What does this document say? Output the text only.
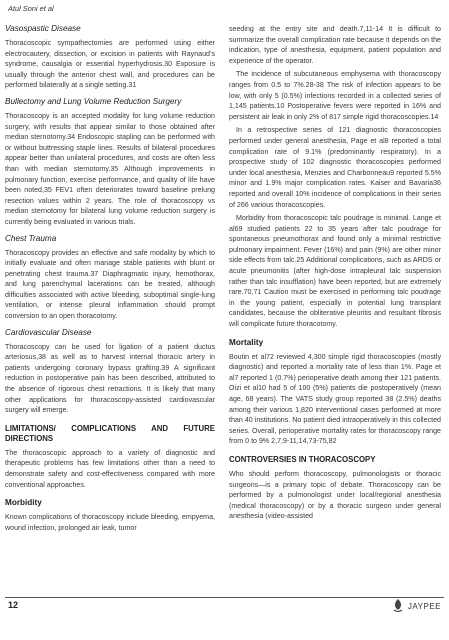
Atul Soni et al
Vasospastic Disease

Thoracoscopic sympathectomies are performed using either electrocautery, dissection, or excision in patients with Raynaud’s syndrome, causalgia or essential hyperhydrosis.30 Exposure is usually through the anterior chest wall, and procedures can be performed bilaterally at a single setting.31

Bullectomy and Lung Volume Reduction Surgery

Thoracoscopy is an accepted modality for lung volume reduction surgery, with results that appear similar to those obtained after median sternotomy.34 Endoscopic stapling can be performed with or without buttressing staple lines. Results of bilateral procedures appear better than unilateral procedures, and costs are often less than with median sternotomy.35 Although improvements in pulmonary function, exercise performance, and quality of life have been noted,35 FEV1 often deteriorates toward baseline prelung resection values within 2 years. The role of thoracoscopy vs median sternotomy for bilateral lung volume reduction surgery is currently being evaluated in various trials.

Chest Trauma

Thoracoscopy provides an effective and safe modality by which to initially evaluate and often manage stable patients with blunt or penetrating chest trauma.37 Diaphragmatic injury, hemothorax, and lung parenchymal lacerations can be treated, although difficulties associated with active bleeding, suboptimal single-lung ventilation, or intense pleural inflammation should prompt conversion to an open thoracotomy.

Cardiovascular Disease

Thoracoscopy can be used for ligation of a patient ductus arteriosus,38 as well as to harvest internal thoracic artery in patients undergoing coronary bypass grafting.39 A significant reduction in postoperative pain has been described, attributed to the absence of rigorous chest retractions. It is likely that many other applications for thoracoscopy-assisted cardiovascular surgery will emerge.

LIMITATIONS/ COMPLICATIONS AND FUTURE DIRECTIONS

The thoracoscopic approach to a variety of diagnostic and therapeutic problems has few limitations other than a need to demonstrate safety and cost-effectiveness compared with more conventional approaches.

Morbidity

Known complications of thoracoscopy include bleeding, empyema, wound infection, prolonged air leak, tumor

seeding at the entry site and death.7,11-14 It is difficult to summarize the overall complication rate because it depends on the indication, type of anesthesia, equipment, patient population and experience of the operator.

The incidence of subcutaneous emphysema with thoracoscopy ranges from 0.5 to 7%.28-38 The risk of infection appears to be low, with only 5 (0.5%) infections recorded in a collected series of 1,145 patients.10 Postoperative fevers were reported in 16% and persistent air leak in only 2% of 817 simple rigid thoracoscopies.14

In a retrospective series of 121 diagnostic thoracoscopies performed under general anesthesia, Page et al8 reported a total complication rate of 9.1% (predominantly respiratory). In a prospective study of 102 diagnostic thoracoscopies performed under local anesthesia, Menzies and Charbonneau9 reported 5.5% minor and 1.9% major complication rates. Kaiser and Bavaria36 reported and overall 10% incidence of complications in their series of 266 various thoracoscopies.

Morbidity from thoracoscopic talc poudrage is minimal. Lange et al69 studied patients 22 to 35 years after talc poudrage for spontaneous pneumothorax and found only a minimal restrictive pulmonary impairment. Fever (16%) and pain (9%) are other minor side effects from talc.25 Additional complications, such as ARDS or acute pneumonitis (after high-dose intrapleural talc suspension rather than talc insufflation) have been reported, but are extremely rare.70,71 Caution must be exercised in performing talc poudrage in the young patient, especially in potential lung transplant candidates, because the obliterative pleuritis and resultant fibrosis will complicate future thoracotomy.

Mortality

Boutin et al72 reviewed 4,300 simple rigid thoracoscopies (mostly diagnostic) and reported a mortality rate of less than 1%. Page et al7 reported 1 (0.7%) perioperative death among their 121 patients. Oizi et al10 had 5 of 100 (5%) patients die postoperatively (mean age, 68 years). The VATS study group reported 38 (2.5%) deaths among their various 1,820 interventional cases performed at more than 40 institutions. No patient died intraoperatively in this collected series. Overall, perioperative mortality rates for thoracoscopy range from 0 to 9% 2,7,9-11,14,73-75,82

CONTROVERSIES IN THORACOSCOPY

Who should perform thoracoscopy, pulmonologists or thoracic surgeons—is a primary topic of debate. Thoracoscopy can be performed by a pulmonologist under local/regional anesthesia (medical thoracoscopy) or by a thoracic surgeon under general anesthesia (video-assisted

12	JAYPEE
